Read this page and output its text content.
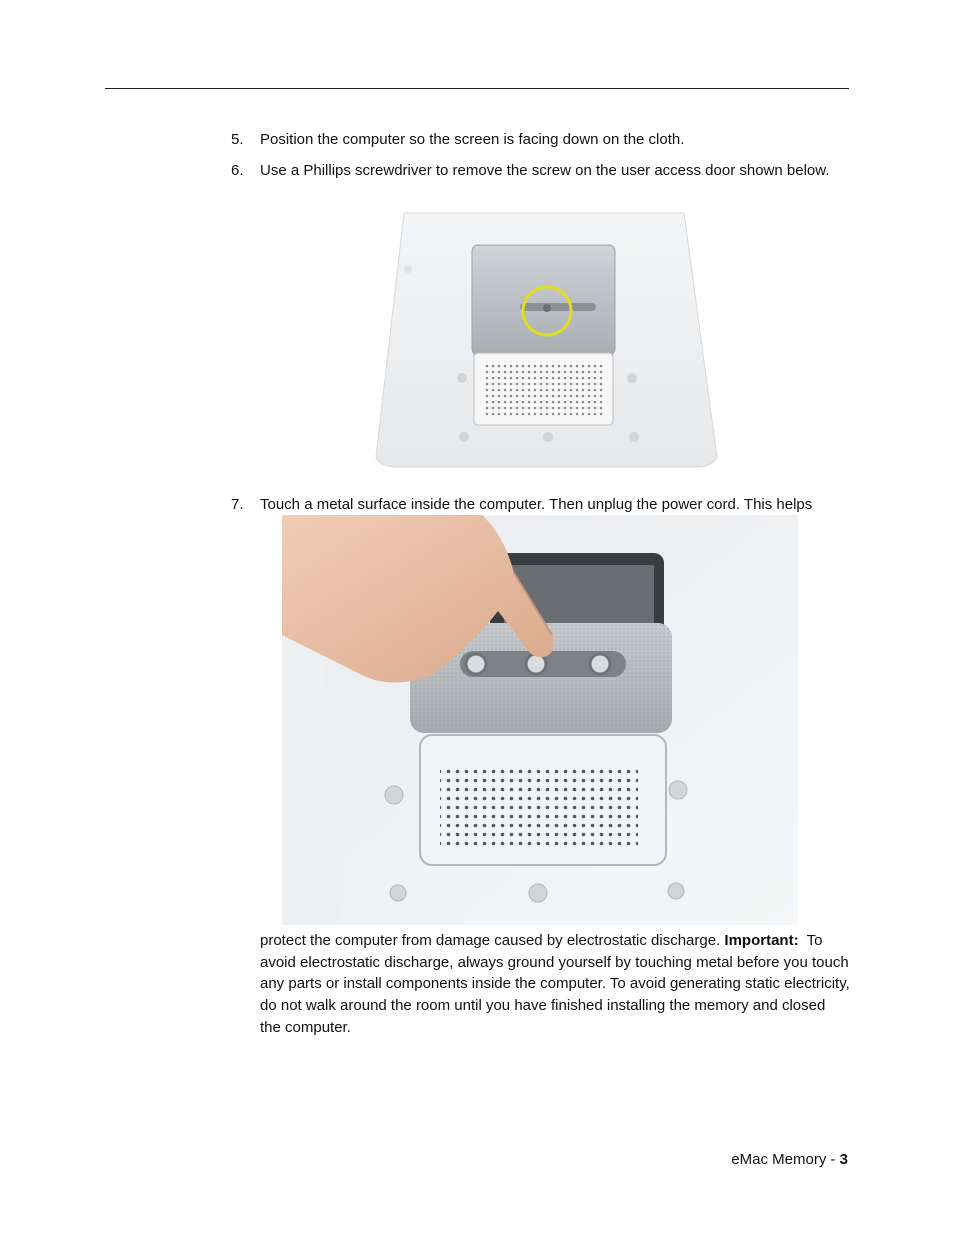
5. Position the computer so the screen is facing down on the cloth.
6. Use a Phillips screwdriver to remove the screw on the user access door shown below.
7. Touch a metal surface inside the computer. Then unplug the power cord. This helps
protect the computer from damage caused by electrostatic discharge. Important: To avoid electrostatic discharge, always ground yourself by touching metal before you touch any parts or install components inside the computer. To avoid generating static electricity, do not walk around the room until you have finished installing the memory and closed the computer.
eMac Memory - 3
